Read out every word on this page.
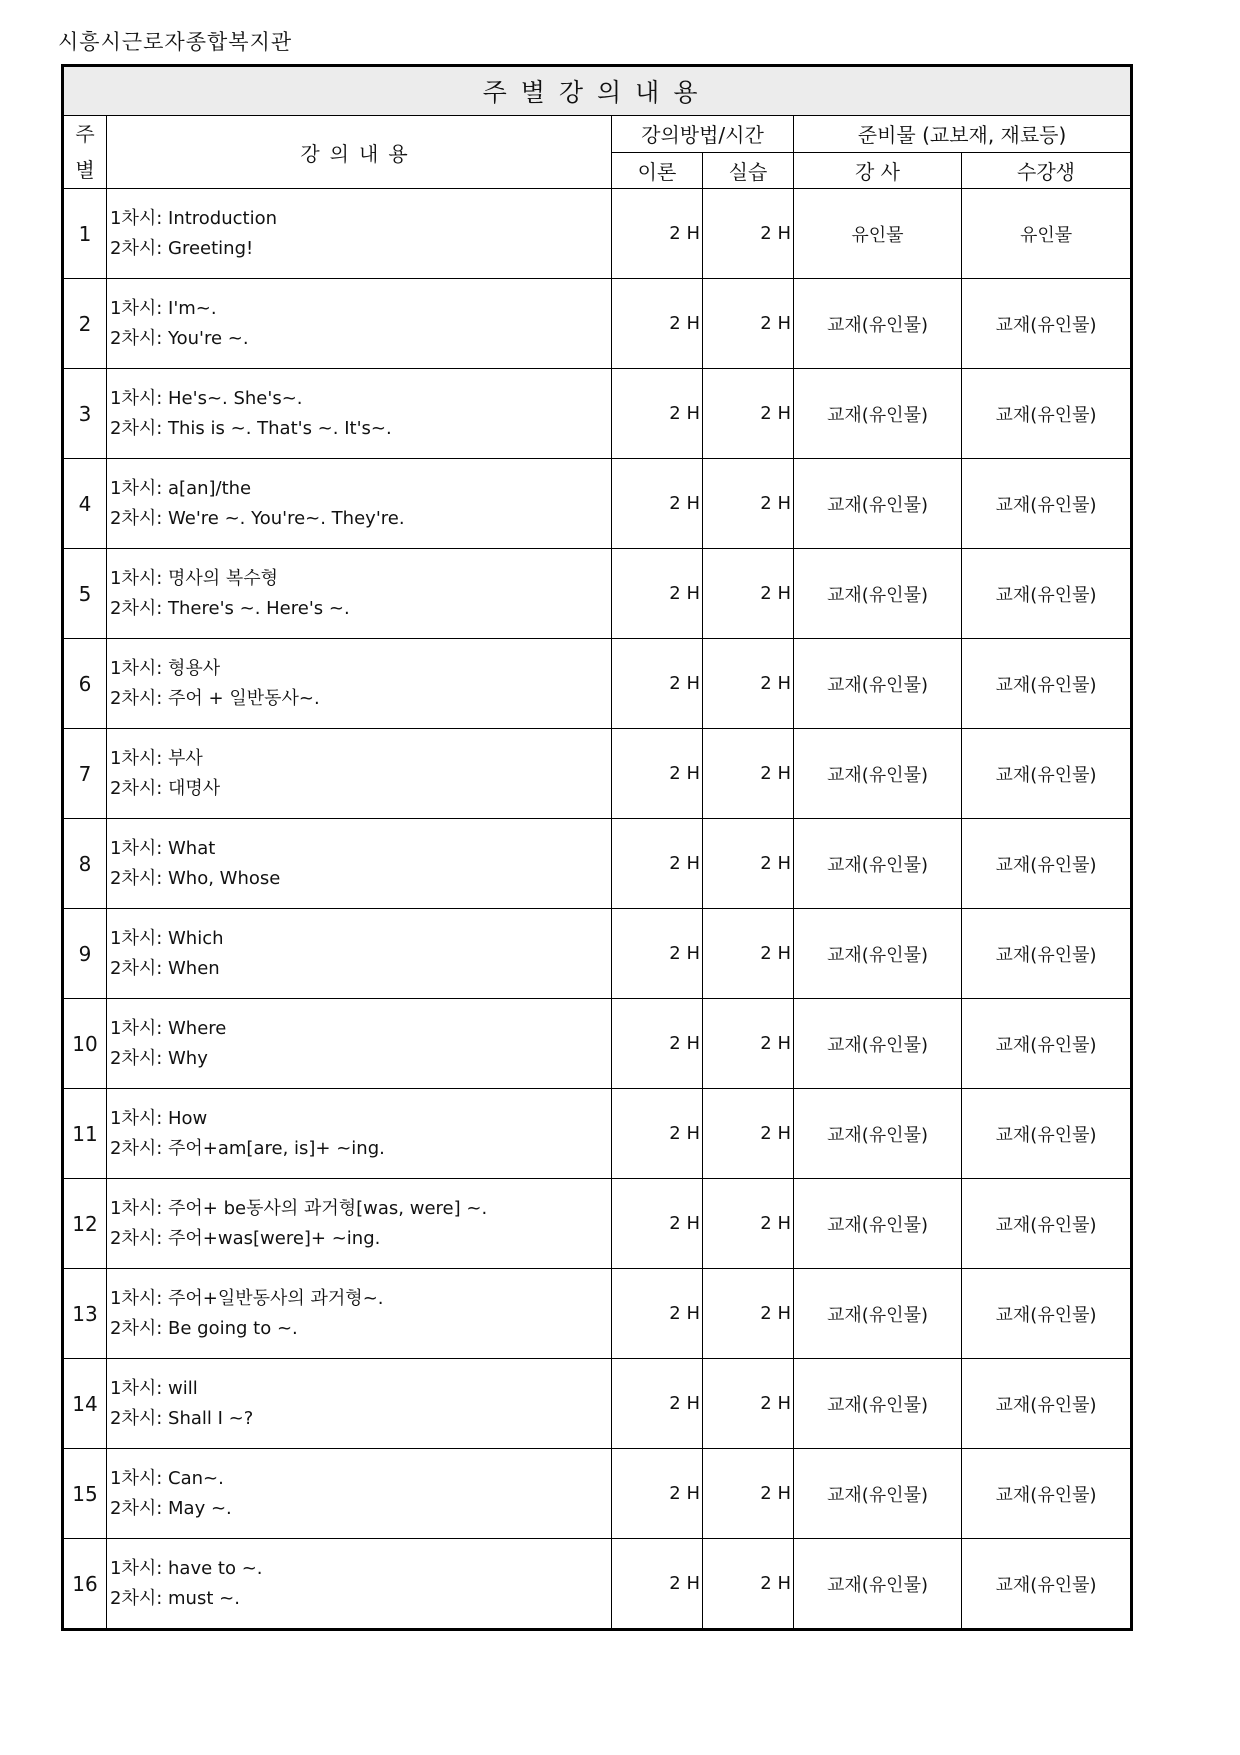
시흥시근로자종합복지관
주별강의내용					

주
별	강의내용	강의방법/시간		준비물 (교보재, 재료등)	
		이론	실습	강 사	수강생
1	1차시: Introduction
2차시: Greeting!	2 H	2 H	유인물	유인물
2	1차시: I'm~.
2차시: You're ~.	2 H	2 H	교재(유인물)	교재(유인물)
3	1차시: He's~. She's~.
2차시: This is ~. That's ~. It's~.	2 H	2 H	교재(유인물)	교재(유인물)
4	1차시: a[an]/the
2차시: We're ~. You're~. They're.	2 H	2 H	교재(유인물)	교재(유인물)
5	1차시: 명사의 복수형
2차시: There's ~. Here's ~.	2 H	2 H	교재(유인물)	교재(유인물)
6	1차시: 형용사
2차시: 주어 + 일반동사~.	2 H	2 H	교재(유인물)	교재(유인물)
7	1차시: 부사
2차시: 대명사	2 H	2 H	교재(유인물)	교재(유인물)
8	1차시: What
2차시: Who, Whose	2 H	2 H	교재(유인물)	교재(유인물)
9	1차시: Which
2차시: When	2 H	2 H	교재(유인물)	교재(유인물)
10	1차시: Where
2차시: Why	2 H	2 H	교재(유인물)	교재(유인물)
11	1차시: How
2차시: 주어+am[are, is]+ ~ing.	2 H	2 H	교재(유인물)	교재(유인물)
12	1차시: 주어+ be동사의 과거형[was, were] ~.
2차시: 주어+was[were]+ ~ing.	2 H	2 H	교재(유인물)	교재(유인물)
13	1차시: 주어+일반동사의 과거형~.
2차시: Be going to ~.	2 H	2 H	교재(유인물)	교재(유인물)
14	1차시: will
2차시: Shall I ~?	2 H	2 H	교재(유인물)	교재(유인물)
15	1차시: Can~.
2차시: May ~.	2 H	2 H	교재(유인물)	교재(유인물)
16	1차시: have to ~.
2차시: must ~.	2 H	2 H	교재(유인물)	교재(유인물)
